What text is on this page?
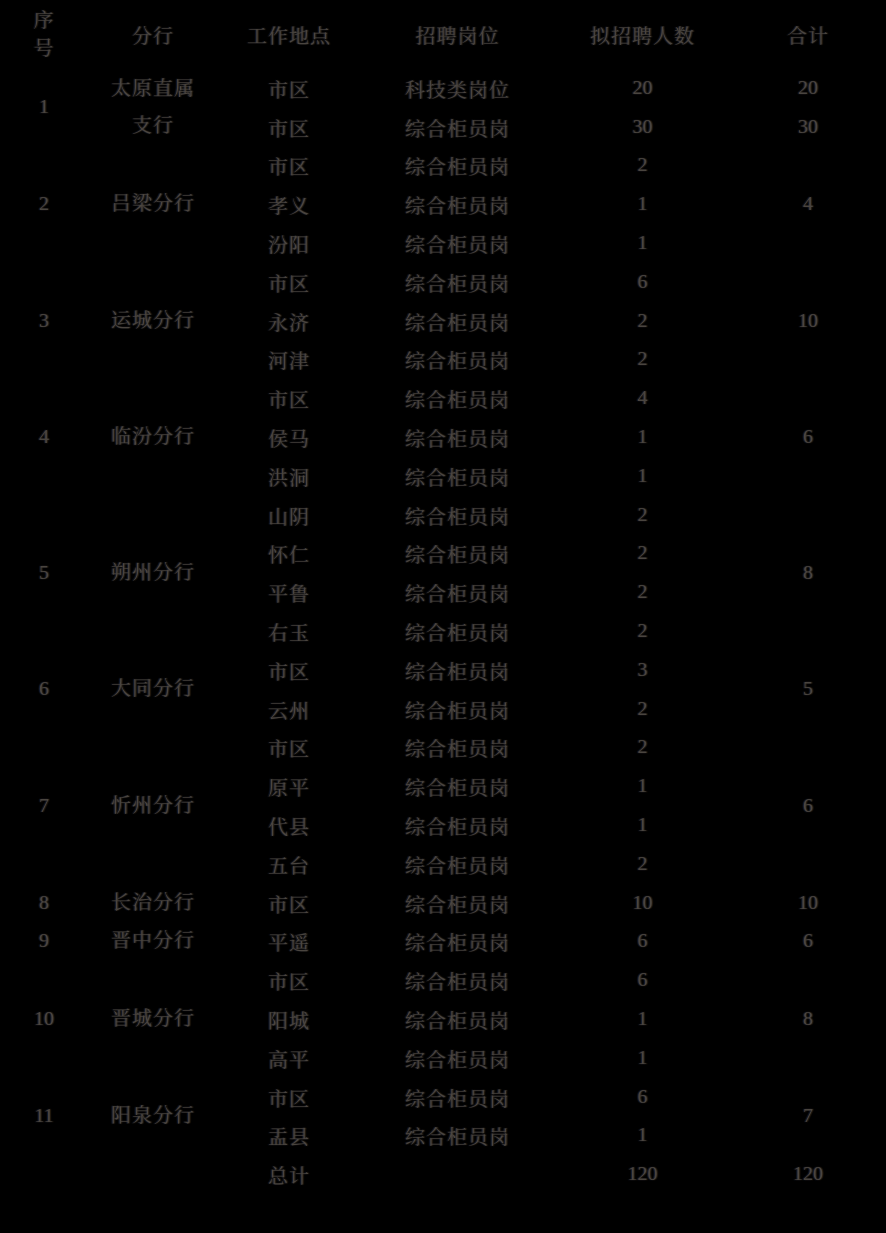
序号	分行	工作地点	招聘岗位	拟招聘人数	合计
1	太原直属支行	市区	科技类岗位	20	20
		市区	综合柜员岗	30	30
2	吕梁分行	市区	综合柜员岗	2	4
		孝义	综合柜员岗	1	
		汾阳	综合柜员岗	1	
3	运城分行	市区	综合柜员岗	6	10
		永济	综合柜员岗	2	
		河津	综合柜员岗	2	
4	临汾分行	市区	综合柜员岗	4	6
		侯马	综合柜员岗	1	
		洪洞	综合柜员岗	1	
5	朔州分行	山阴	综合柜员岗	2	8
		怀仁	综合柜员岗	2	
		平鲁	综合柜员岗	2	
		右玉	综合柜员岗	2	
6	大同分行	市区	综合柜员岗	3	5
		云州	综合柜员岗	2	
7	忻州分行	市区	综合柜员岗	2	6
		原平	综合柜员岗	1	
		代县	综合柜员岗	1	
		五台	综合柜员岗	2	
8	长治分行	市区	综合柜员岗	10	10
9	晋中分行	平遥	综合柜员岗	6	6
10	晋城分行	市区	综合柜员岗	6	8
		阳城	综合柜员岗	1	
		高平	综合柜员岗	1	
11	阳泉分行	市区	综合柜员岗	6	7
		盂县	综合柜员岗	1	
		总计		120	120
